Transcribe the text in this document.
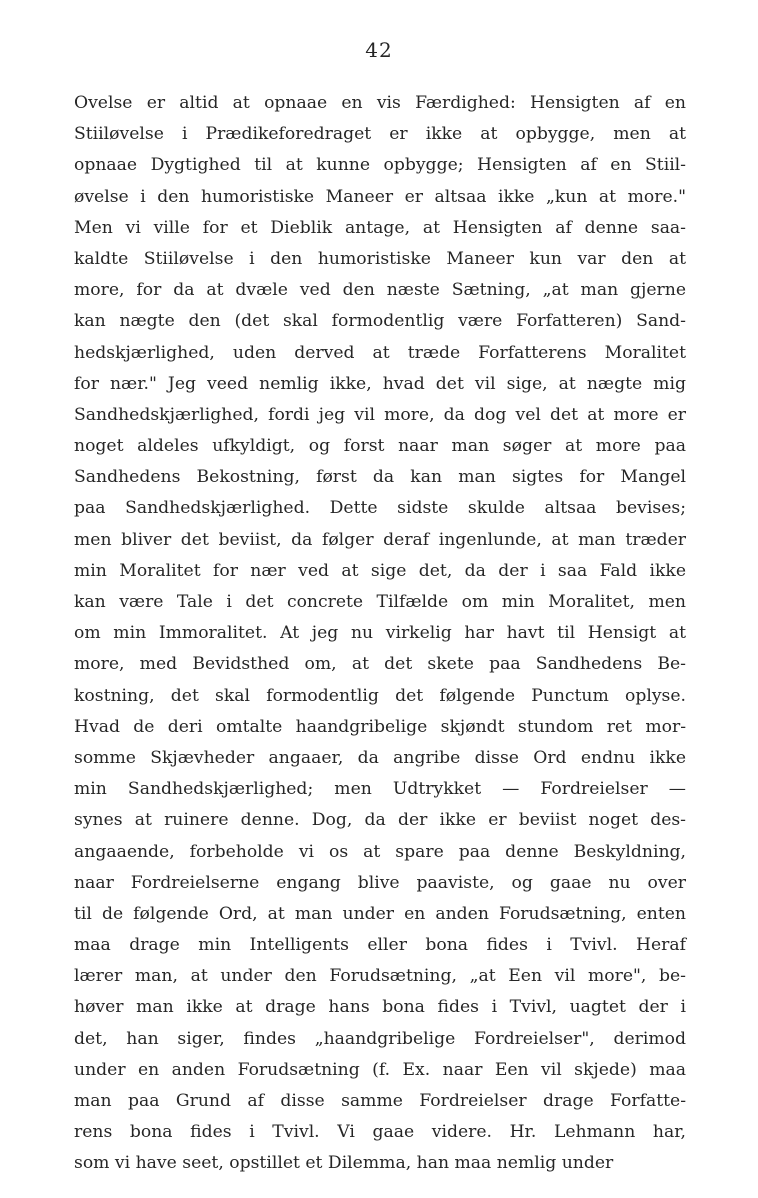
42
Ovelse er altid at opnaae en vis Færdighed: Hensigten af en
Stiiløvelse i Prædikeforedraget er ikke at opbygge, men at
opnaae Dygtighed til at kunne opbygge; Hensigten af en Stiil-
øvelse i den humoristiske Maneer er altsaa ikke „kun at more."
Men vi ville for et Dieblik antage, at Hensigten af denne saa-
kaldte Stiiløvelse i den humoristiske Maneer kun var den at
more, for da at dvæle ved den næste Sætning, „at man gjerne
kan nægte den (det skal formodentlig være Forfatteren) Sand-
hedskjærlighed, uden derved at træde Forfatterens Moralitet
for nær." Jeg veed nemlig ikke, hvad det vil sige, at nægte mig
Sandhedskjærlighed, fordi jeg vil more, da dog vel det at more er
noget aldeles ufkyldigt, og forst naar man søger at more paa
Sandhedens Bekostning, først da kan man sigtes for Mangel
paa Sandhedskjærlighed. Dette sidste skulde altsaa bevises;
men bliver det beviist, da følger deraf ingenlunde, at man træder
min Moralitet for nær ved at sige det, da der i saa Fald ikke
kan være Tale i det concrete Tilfælde om min Moralitet, men
om min Immoralitet. At jeg nu virkelig har havt til Hensigt at
more, med Bevidsthed om, at det skete paa Sandhedens Be-
kostning, det skal formodentlig det følgende Punctum oplyse.
Hvad de deri omtalte haandgribelige skjøndt stundom ret mor-
somme Skjævheder angaaer, da angribe disse Ord endnu ikke
min Sandhedskjærlighed; men Udtrykket — Fordreielser —
synes at ruinere denne. Dog, da der ikke er beviist noget des-
angaaende, forbeholde vi os at spare paa denne Beskyldning,
naar Fordreielserne engang blive paaviste, og gaae nu over
til de følgende Ord, at man under en anden Forudsætning, enten
maa drage min Intelligents eller bona fides i Tvivl. Heraf
lærer man, at under den Forudsætning, „at Een vil more", be-
høver man ikke at drage hans bona fides i Tvivl, uagtet der i
det, han siger, findes „haandgribelige Fordreielser", derimod
under en anden Forudsætning (f. Ex. naar Een vil skjede) maa
man paa Grund af disse samme Fordreielser drage Forfatte-
rens bona fides i Tvivl. Vi gaae videre. Hr. Lehmann har,
som vi have seet, opstillet et Dilemma, han maa nemlig under
